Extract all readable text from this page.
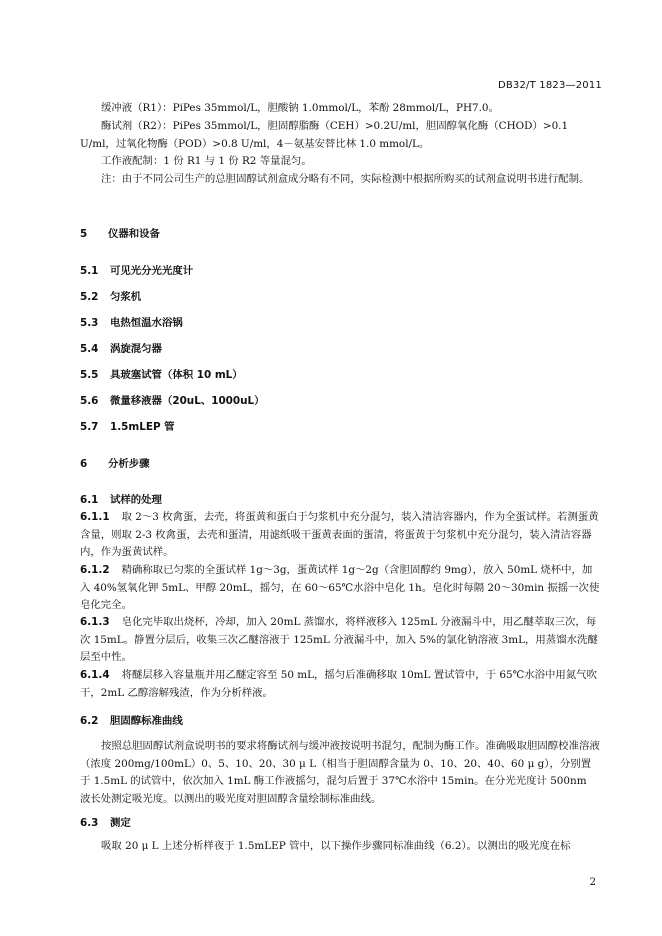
DB32/T 1823—2011
缓冲液（R1）：PiPes 35mmol/L，胆酸钠 1.0mmol/L，苯酚 28mmol/L，PH7.0。
酶试剂（R2）：PiPes 35mmol/L，胆固醇脂酶（CEH）>0.2U/ml，胆固醇氧化酶（CHOD）>0.1 U/ml，过氧化物酶（POD）>0.8 U/ml，4－氨基安替比林 1.0 mmol/L。
工作液配制：1 份 R1 与 1 份 R2 等量混匀。
注：由于不同公司生产的总胆固醇试剂盒成分略有不同，实际检测中根据所购买的试剂盒说明书进行配制。
5 仪器和设备
5.1 可见光分光光度计
5.2 匀浆机
5.3 电热恒温水浴锅
5.4 涡旋混匀器
5.5 具玻塞试管（体积 10 mL）
5.6 微量移液器（20uL、1000uL）
5.7 1.5mLEP 管
6 分析步骤
6.1 试样的处理
6.1.1 取 2～3 枚禽蛋，去壳，将蛋黄和蛋白于匀浆机中充分混匀，装入清洁容器内，作为全蛋试样。若测蛋黄含量，则取 2-3 枚禽蛋，去壳和蛋清，用滤纸吸干蛋黄表面的蛋清，将蛋黄于匀浆机中充分混匀，装入清洁容器内，作为蛋黄试样。
6.1.2 精确称取已匀浆的全蛋试样 1g～3g，蛋黄试样 1g～2g（含胆固醇约 9mg），放入 50mL 烧杯中，加入 40%氢氧化钾 5mL、甲醇 20mL，摇匀，在 60～65℃水浴中皂化 1h。皂化时每隔 20～30min 振摇一次使皂化完全。
6.1.3 皂化完毕取出烧杯，冷却，加入 20mL 蒸馏水，将样液移入 125mL 分液漏斗中，用乙醚萃取三次，每次 15mL。静置分层后，收集三次乙醚溶液于 125mL 分液漏斗中，加入 5%的氯化钠溶液 3mL，用蒸馏水洗醚层至中性。
6.1.4 将醚层移入容量瓶并用乙醚定容至 50 mL，摇匀后准确移取 10mL 置试管中，于 65℃水浴中用氮气吹干，2mL 乙醇溶解残渣，作为分析样液。
6.2 胆固醇标准曲线
按照总胆固醇试剂盒说明书的要求将酶试剂与缓冲液按说明书混匀，配制为酶工作。准确吸取胆固醇校准溶液（浓度 200mg/100mL）0、5、10、20、30 μ L（相当于胆固醇含量为 0、10、20、40、60 μ g），分别置于 1.5mL 的试管中，依次加入 1mL 酶工作液摇匀，混匀后置于 37℃水浴中 15min。在分光光度计 500nm 波长处测定吸光度。以测出的吸光度对胆固醇含量绘制标准曲线。
6.3 测定
吸取 20 μ L 上述分析样夜于 1.5mLEP 管中，以下操作步骤同标准曲线（6.2）。以测出的吸光度在标
2
